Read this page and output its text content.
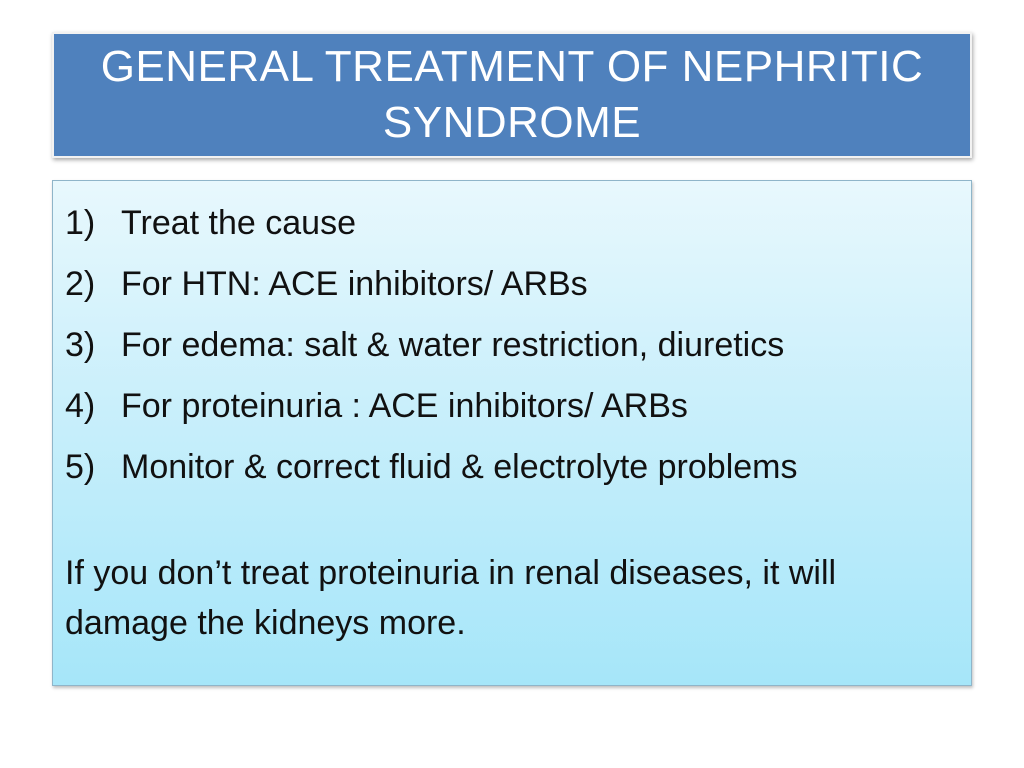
GENERAL TREATMENT OF NEPHRITIC SYNDROME
1) Treat the cause
2) For HTN: ACE inhibitors/ ARBs
3) For edema: salt & water restriction, diuretics
4) For proteinuria : ACE inhibitors/ ARBs
5) Monitor & correct fluid & electrolyte problems

If you don’t treat proteinuria in renal diseases, it will damage the kidneys more.
